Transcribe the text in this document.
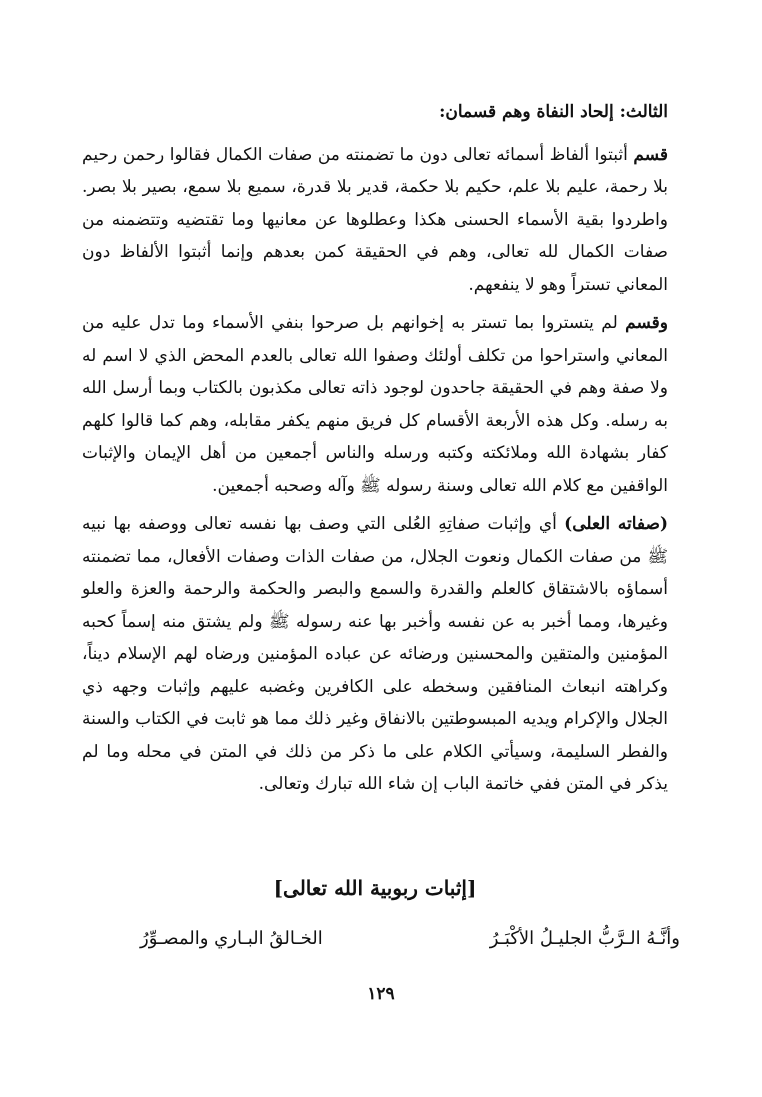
الثالث: إلحاد النفاة وهم قسمان:

قسم أثبتوا ألفاظ أسمائه تعالى دون ما تضمنته من صفات الكمال فقالوا رحمن رحيم بلا رحمة، عليم بلا علم، حكيم بلا حكمة، قدير بلا قدرة، سميع بلا سمع، بصير بلا بصر. واطردوا بقية الأسماء الحسنى هكذا وعطلوها عن معانيها وما تقتضيه وتتضمنه من صفات الكمال لله تعالى، وهم في الحقيقة كمن بعدهم وإنما أثبتوا الألفاظ دون المعاني تستراً وهو لا ينفعهم.

وقسم لم يتستروا بما تستر به إخوانهم بل صرحوا بنفي الأسماء وما تدل عليه من المعاني واستراحوا من تكلف أولئك وصفوا الله تعالى بالعدم المحض الذي لا اسم له ولا صفة وهم في الحقيقة جاحدون لوجود ذاته تعالى مكذبون بالكتاب وبما أرسل الله به رسله. وكل هذه الأربعة الأقسام كل فريق منهم يكفر مقابله، وهم كما قالوا كلهم كفار بشهادة الله وملائكته وكتبه ورسله والناس أجمعين من أهل الإيمان والإثبات الواقفين مع كلام الله تعالى وسنة رسوله ﷺ وآله وصحبه أجمعين.

(صفاته العلى) أي وإثبات صفاتِهِ العُلى التي وصف بها نفسه تعالى ووصفه بها نبيه ﷺ من صفات الكمال ونعوت الجلال، من صفات الذات وصفات الأفعال، مما تضمنته أسماؤه بالاشتقاق كالعلم والقدرة والسمع والبصر والحكمة والرحمة والعزة والعلو وغيرها، ومما أخبر به عن نفسه وأخبر بها عنه رسوله ﷺ ولم يشتق منه إسماً كحبه المؤمنين والمتقين والمحسنين ورضائه عن عباده المؤمنين ورضاه لهم الإسلام ديناً، وكراهته انبعاث المنافقين وسخطه على الكافرين وغضبه عليهم وإثبات وجهه ذي الجلال والإكرام ويديه المبسوطتين بالانفاق وغير ذلك مما هو ثابت في الكتاب والسنة والفطر السليمة، وسيأتي الكلام على ما ذكر من ذلك في المتن في محله وما لم يذكر في المتن ففي خاتمة الباب إن شاء الله تبارك وتعالى.

[إثبات ربوبية الله تعالى]
وأنَّـهُ الـرَّبُّ الجليـلُ الأكْبَـرُ
الخـالقُ البـاري والمصـوِّرُ
١٢٩
